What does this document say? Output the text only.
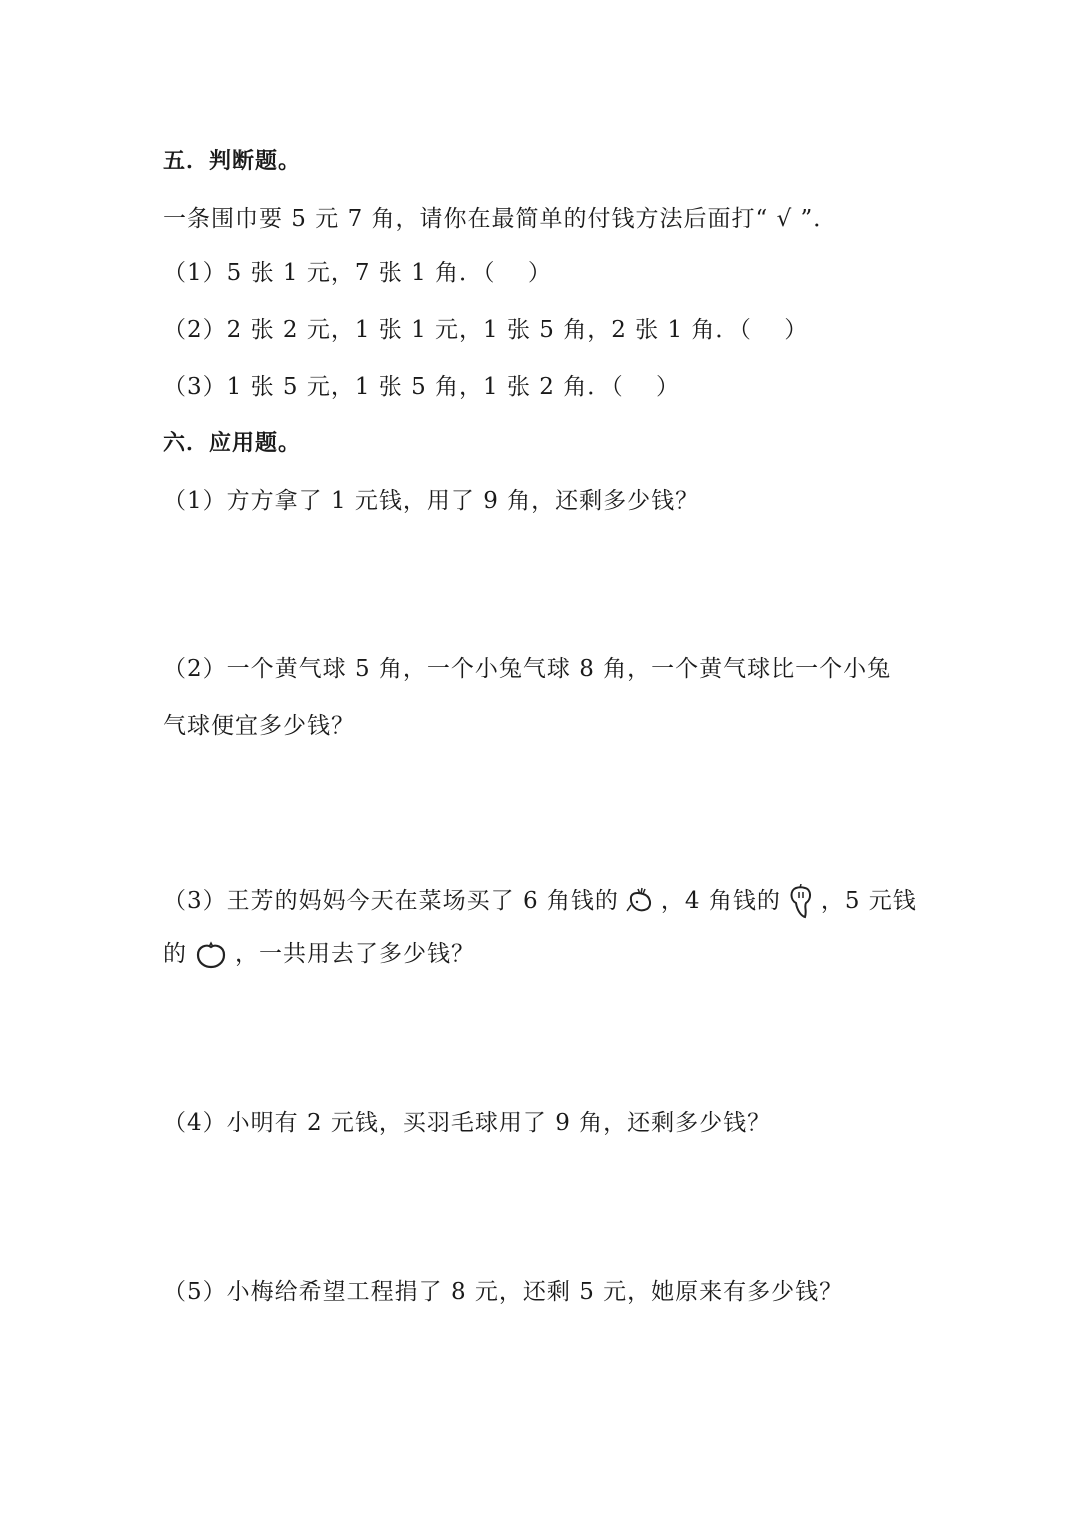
五．判断题。
一条围巾要 5 元 7 角，请你在最简单的付钱方法后面打“ √ ”．
（1）5 张 1 元，7 张 1 角．（　 ）
（2）2 张 2 元，1 张 1 元，1 张 5 角，2 张 1 角．（　 ）
（3）1 张 5 元，1 张 5 角，1 张 2 角．（　 ）
六．应用题。
（1）方方拿了 1 元钱，用了 9 角，还剩多少钱？
（2）一个黄气球 5 角，一个小兔气球 8 角，一个黄气球比一个小兔
气球便宜多少钱？
（3）王芳的妈妈今天在菜场买了 6 角钱的 ，4 角钱的 ，5 元钱
的 ，一共用去了多少钱？
（4）小明有 2 元钱，买羽毛球用了 9 角，还剩多少钱？
（5）小梅给希望工程捐了 8 元，还剩 5 元，她原来有多少钱？
